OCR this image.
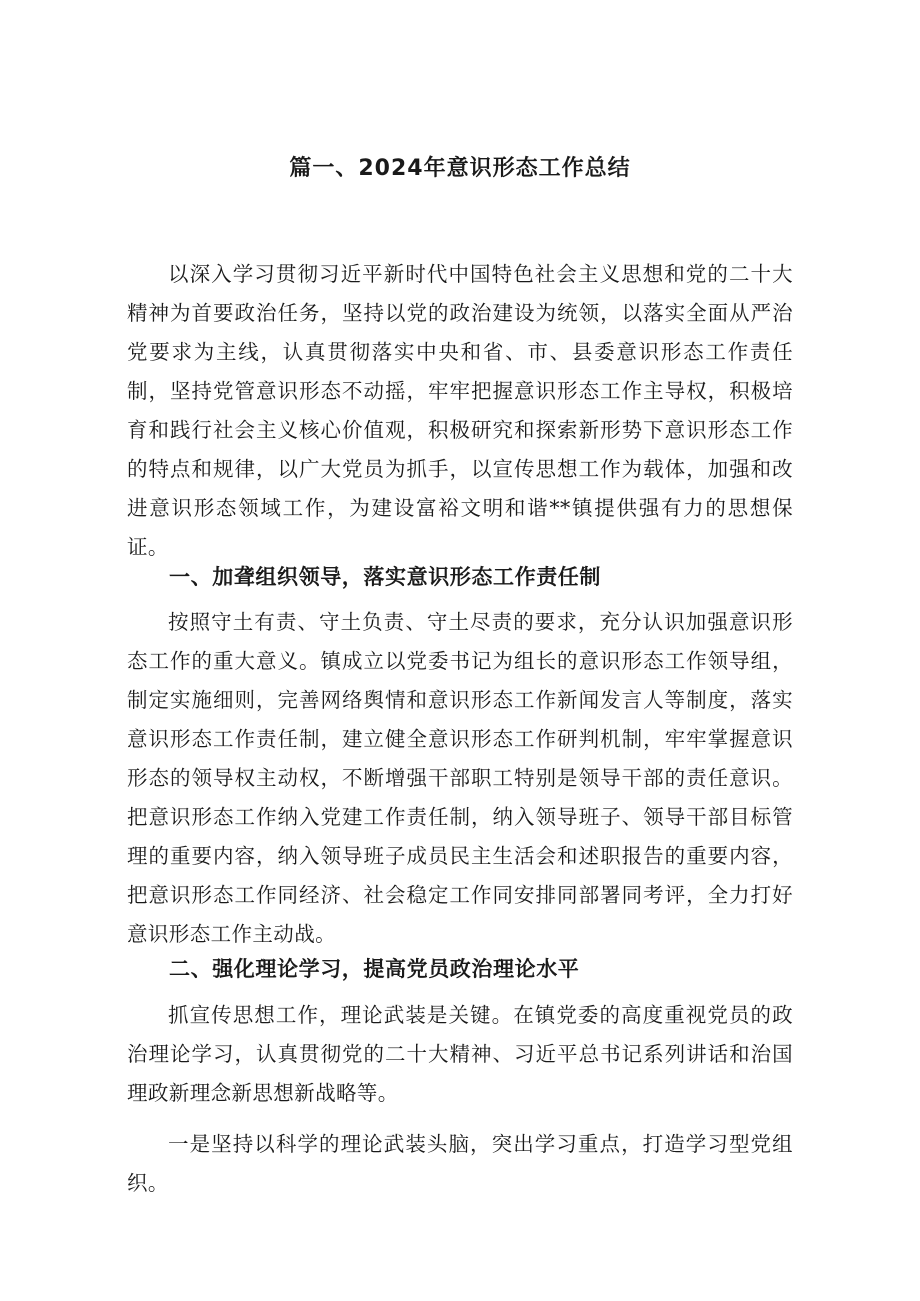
篇一、2024年意识形态工作总结

以深入学习贯彻习近平新时代中国特色社会主义思想和党的二十大精神为首要政治任务，坚持以党的政治建设为统领，以落实全面从严治党要求为主线，认真贯彻落实中央和省、市、县委意识形态工作责任制，坚持党管意识形态不动摇，牢牢把握意识形态工作主导权，积极培育和践行社会主义核心价值观，积极研究和探索新形势下意识形态工作的特点和规律，以广大党员为抓手，以宣传思想工作为载体，加强和改进意识形态领域工作，为建设富裕文明和谐**镇提供强有力的思想保证。

一、加聋组织领导，落实意识形态工作责任制

按照守土有责、守土负责、守土尽责的要求，充分认识加强意识形态工作的重大意义。镇成立以党委书记为组长的意识形态工作领导组，制定实施细则，完善网络舆情和意识形态工作新闻发言人等制度，落实意识形态工作责任制，建立健全意识形态工作研判机制，牢牢掌握意识形态的领导权主动权，不断增强干部职工特别是领导干部的责任意识。把意识形态工作纳入党建工作责任制，纳入领导班子、领导干部目标管理的重要内容，纳入领导班子成员民主生活会和述职报告的重要内容，把意识形态工作同经济、社会稳定工作同安排同部署同考评，全力打好意识形态工作主动战。

二、强化理论学习，提高党员政治理论水平

抓宣传思想工作，理论武装是关键。在镇党委的高度重视党员的政治理论学习，认真贯彻党的二十大精神、习近平总书记系列讲话和治国理政新理念新思想新战略等。

一是坚持以科学的理论武装头脑，突出学习重点，打造学习型党组织。
